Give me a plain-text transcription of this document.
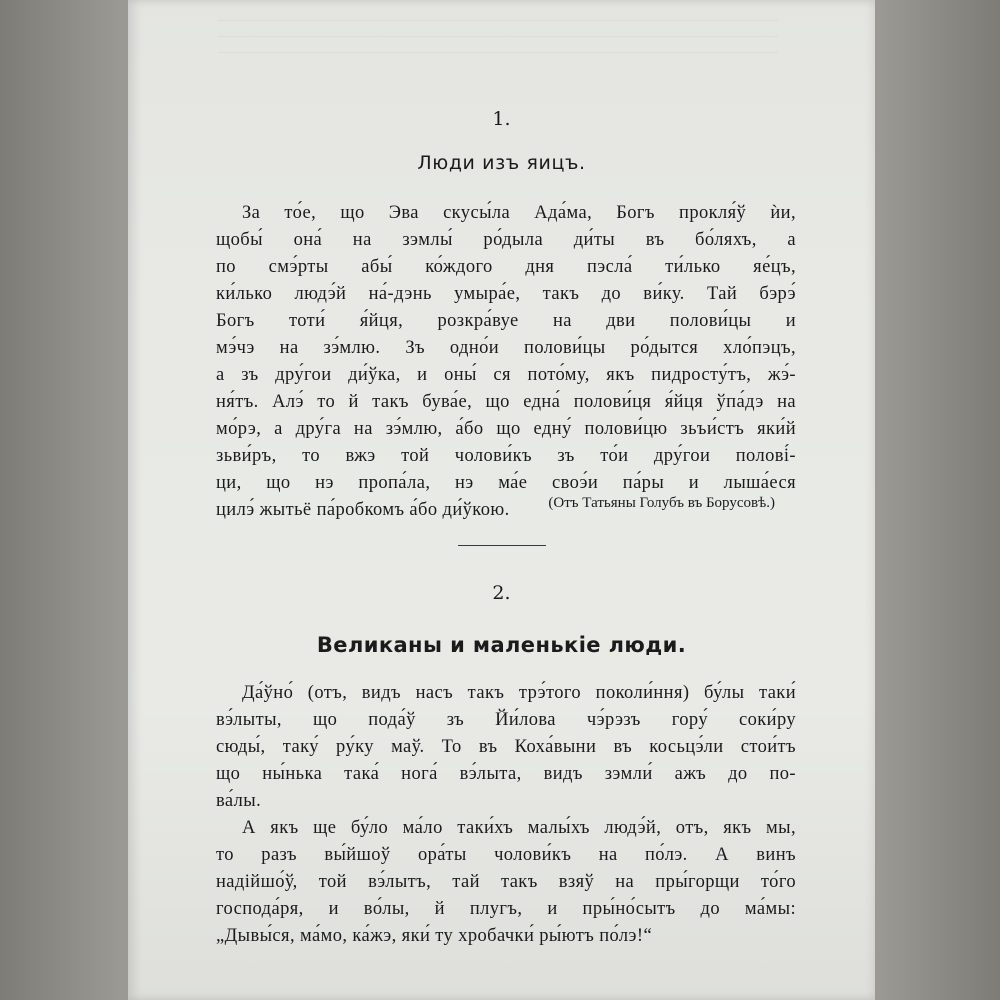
1.
Люди изъ яицъ.
За то́е, що Эва скусы́ла Ада́ма, Богъ прокля́ў ѝи,
щобы́ она́ на зэмлы́ ро́дыла ди́ты въ бо́ляхъ, а
по смэ́рты абы́ ко́ждого дня пэсла́ ти́лько яе́цъ,
ки́лько людэ́й на́-дэнь умыра́е, такъ до ви́ку. Тай бэрэ́
Богъ тоти́ я́йця, розкра́вуе на дви полови́цы и
мэ́чэ на зэ́млю. Зъ одно́и полови́цы ро́дытся хло́пэцъ,
а зъ дру́гои ди́ўка, и оны́ ся пото́му, якъ пидросту́тъ, жэ́-
ня́тъ. Алэ́ то й такъ бува́е, що една́ полови́ця я́йця ўпа́дэ на
мо́рэ, а дру́га на зэ́млю, а́бо що едну́ полови́цю зьъи́стъ яки́й
зьви́ръ, то вжэ той чолови́къ зъ то́и дру́гои полові́-
ци, що нэ пропа́ла, нэ ма́е своэ́и па́ры и лыша́еся
цилэ́ жытьё па́робкомъ а́бо ди́ўкою.	(Отъ Татьяны Голубъ въ Борусовѣ.)
2.
Великаны и маленькіе люди.
Да́ўно́ (отъ, видъ насъ такъ трэ́того поколи́ння) бу́лы таки́
вэ́лыты, що пода́ў зъ Йи́лова чэ́рэзъ гору́ соки́ру
сюды́, таку́ ру́ку маў. То въ Коха́выни въ косьцэ́ли стои́тъ
що ны́нька така́ нога́ вэ́лыта, видъ зэмли́ ажъ до по-
ва́лы.
А якъ ще бу́ло ма́ло таки́хъ малы́хъ людэ́й, отъ, якъ мы,
то разъ вы́йшоў ора́ты чолови́къ на по́лэ. А винъ
надійшо́ў, той вэ́лытъ, тай такъ взяў на пры́горщи то́го
господа́ря, и во́лы, й плугъ, и пры́но́сытъ до ма́мы:
„Дывы́ся, ма́мо, ка́жэ, яки́ ту хробачки́ ры́ютъ по́лэ!“
